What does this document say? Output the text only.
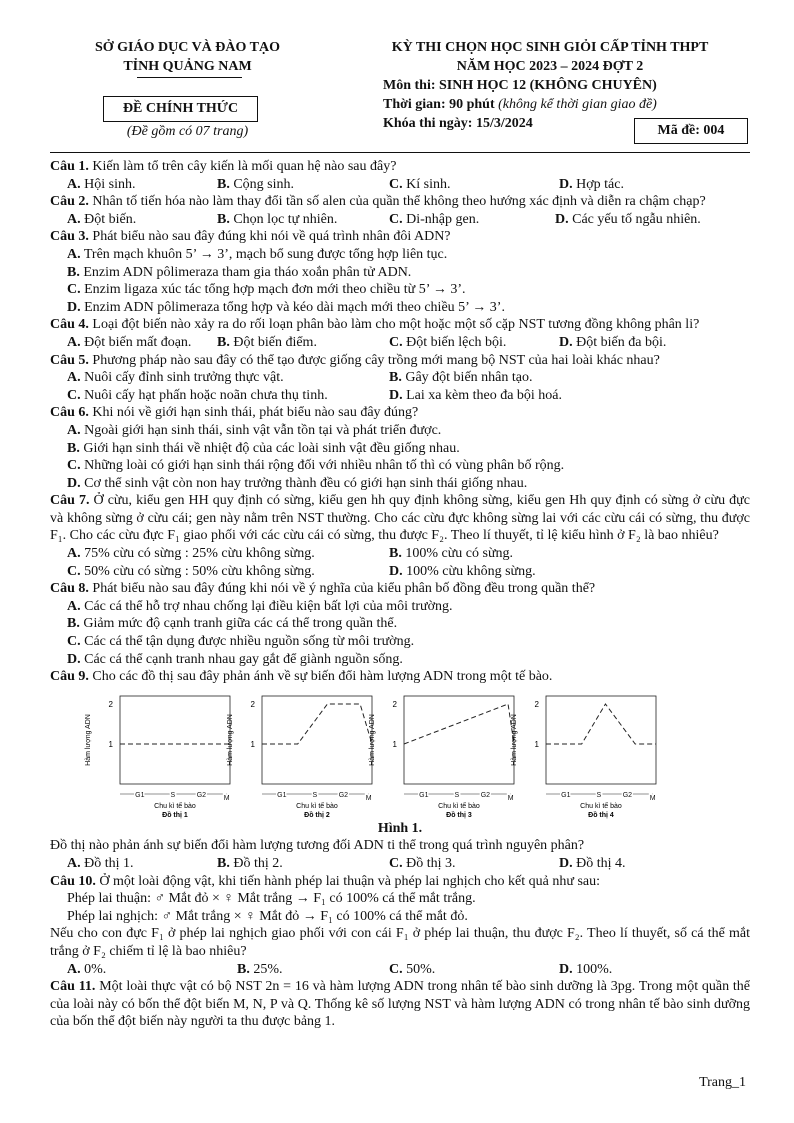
SỞ GIÁO DỤC VÀ ĐÀO TẠO
TỈNH QUẢNG NAM
ĐỀ CHÍNH THỨC
(Đề gồm có 07 trang)
KỲ THI CHỌN HỌC SINH GIỎI CẤP TỈNH THPT
NĂM HỌC 2023 – 2024 ĐỢT 2
Môn thi: SINH HỌC 12 (KHÔNG CHUYÊN)
Thời gian: 90 phút (không kể thời gian giao đề)
Khóa thi ngày: 15/3/2024	Mã đề: 004
Câu 1. Kiến làm tổ trên cây kiến là mối quan hệ nào sau đây?
A. Hội sinh.	B. Cộng sinh.	C. Kí sinh.	D. Hợp tác.
Câu 2. Nhân tố tiến hóa nào làm thay đổi tần số alen của quần thể không theo hướng xác định và diễn ra chậm chạp?
A. Đột biến.	B. Chọn lọc tự nhiên.	C. Di-nhập gen.	D. Các yếu tố ngẫu nhiên.
Câu 3. Phát biểu nào sau đây đúng khi nói về quá trình nhân đôi ADN?
A. Trên mạch khuôn 5’ → 3’, mạch bổ sung được tổng hợp liên tục.
B. Enzim ADN pôlimeraza tham gia tháo xoắn phân tử ADN.
C. Enzim ligaza xúc tác tổng hợp mạch đơn mới theo chiều từ 5’ → 3’.
D. Enzim ADN pôlimeraza tổng hợp và kéo dài mạch mới theo chiều 5’ → 3’.
Câu 4. Loại đột biến nào xảy ra do rối loạn phân bào làm cho một hoặc một số cặp NST tương đồng không phân li?
A. Đột biến mất đoạn.	B. Đột biến điểm.	C. Đột biến lệch bội.	D. Đột biến đa bội.
Câu 5. Phương pháp nào sau đây có thể tạo được giống cây trồng mới mang bộ NST của hai loài khác nhau?
A. Nuôi cấy đỉnh sinh trưởng thực vật.	B. Gây đột biến nhân tạo.
C. Nuôi cấy hạt phấn hoặc noãn chưa thụ tinh.	D. Lai xa kèm theo đa bội hoá.
Câu 6. Khi nói về giới hạn sinh thái, phát biểu nào sau đây đúng?
A. Ngoài giới hạn sinh thái, sinh vật vẫn tồn tại và phát triển được.
B. Giới hạn sinh thái về nhiệt độ của các loài sinh vật đều giống nhau.
C. Những loài có giới hạn sinh thái rộng đối với nhiều nhân tố thì có vùng phân bố rộng.
D. Cơ thể sinh vật còn non hay trưởng thành đều có giới hạn sinh thái giống nhau.
Câu 7. Ở cừu, kiểu gen HH quy định có sừng, kiểu gen hh quy định không sừng, kiểu gen Hh quy định có sừng ở cừu đực và không sừng ở cừu cái; gen này nằm trên NST thường. Cho các cừu đực không sừng lai với các cừu cái có sừng, thu được F₁. Cho các cừu đực F₁ giao phối với các cừu cái có sừng, thu được F₂. Theo lí thuyết, tỉ lệ kiểu hình ở F₂ là bao nhiêu?
A. 75% cừu có sừng : 25% cừu không sừng.	B. 100% cừu có sừng.
C. 50% cừu có sừng : 50% cừu không sừng.	D. 100% cừu không sừng.
Câu 8. Phát biểu nào sau đây đúng khi nói về ý nghĩa của kiểu phân bố đồng đều trong quần thể?
A. Các cá thể hỗ trợ nhau chống lại điều kiện bất lợi của môi trường.
B. Giảm mức độ cạnh tranh giữa các cá thể trong quần thể.
C. Các cá thể tận dụng được nhiều nguồn sống từ môi trường.
D. Các cá thể cạnh tranh nhau gay gắt để giành nguồn sống.
Câu 9. Cho các đồ thị sau đây phản ánh về sự biến đổi hàm lượng ADN trong một tế bào.
Hàm lượng ADN 1
2
G1	S	G2	M
Chu kì tế bào
Đồ thị 1
Hàm lượng ADN 1
2
G1	S	G2	M
Chu kì tế bào
Đồ thị 2
Hàm lượng ADN 1
2
G1	S	G2	M
Chu kì tế bào
Đồ thị 3
Hàm lượng ADN 1
2
G1	S	G2	M
Chu kì tế bào
Đồ thị 4
Hình 1.
Đồ thị nào phản ánh sự biến đổi hàm lượng tương đối ADN ti thể trong quá trình nguyên phân?
A. Đồ thị 1.	B. Đồ thị 2.	C. Đồ thị 3.	D. Đồ thị 4.
Câu 10. Ở một loài động vật, khi tiến hành phép lai thuận và phép lai nghịch cho kết quả như sau:
Phép lai thuận: ♂ Mắt đỏ × ♀ Mắt trắng → F₁ có 100% cá thể mắt trắng.
Phép lai nghịch: ♂ Mắt trắng × ♀ Mắt đỏ → F₁ có 100% cá thể mắt đỏ.
Nếu cho con đực F₁ ở phép lai nghịch giao phối với con cái F₁ ở phép lai thuận, thu được F₂. Theo lí thuyết, số cá thể mắt trắng ở F₂ chiếm tỉ lệ là bao nhiêu?
A. 0%.	B. 25%.	C. 50%.	D. 100%.
Câu 11. Một loài thực vật có bộ NST 2n = 16 và hàm lượng ADN trong nhân tế bào sinh dưỡng là 3pg. Trong một quần thể của loài này có bốn thể đột biến M, N, P và Q. Thống kê số lượng NST và hàm lượng ADN có trong nhân tế bào sinh dưỡng của bốn thể đột biến này người ta thu được bảng 1.
Trang_1
